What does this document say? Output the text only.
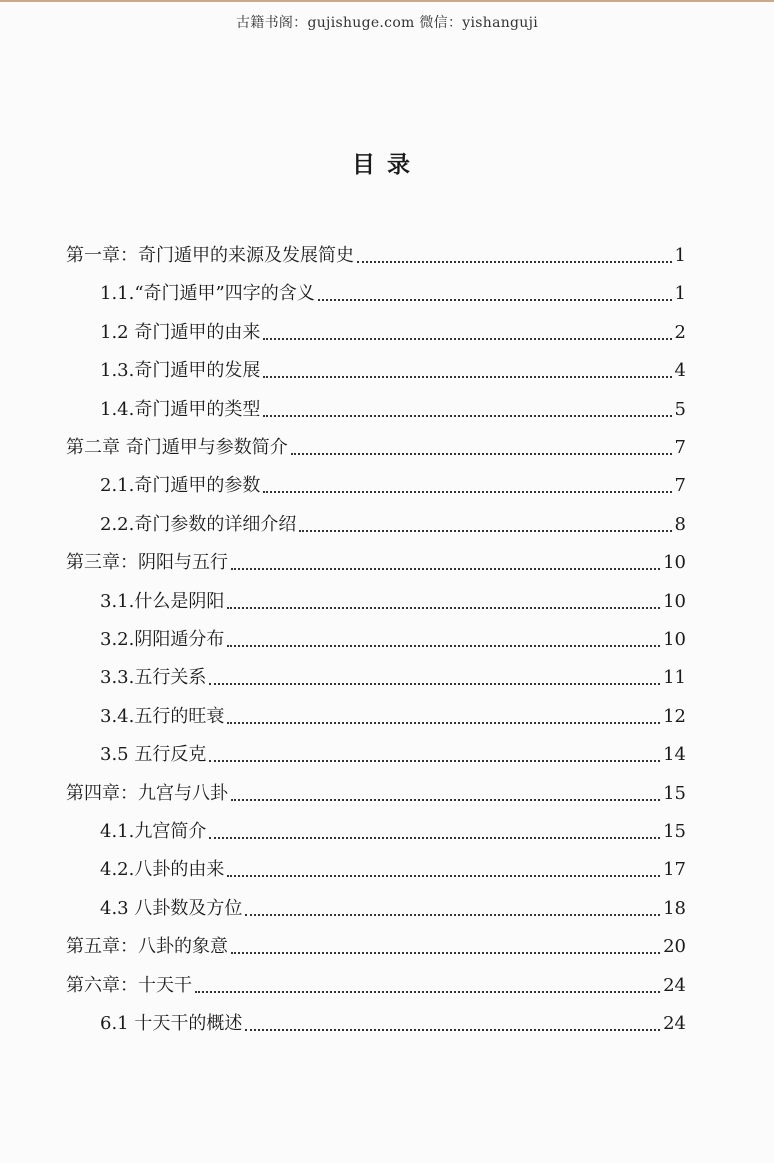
古籍书阁：gujishuge.com 微信：yishanguji
目录
第一章：奇门遁甲的来源及发展简史	1
1.1.“奇门遁甲”四字的含义	1
1.2 奇门遁甲的由来	2
1.3.奇门遁甲的发展	4
1.4.奇门遁甲的类型	5
第二章 奇门遁甲与参数简介	7
2.1.奇门遁甲的参数	7
2.2.奇门参数的详细介绍	8
第三章：阴阳与五行	10
3.1.什么是阴阳	10
3.2.阴阳遁分布	10
3.3.五行关系	11
3.4.五行的旺衰	12
3.5 五行反克	14
第四章：九宫与八卦	15
4.1.九宫简介	15
4.2.八卦的由来	17
4.3 八卦数及方位	18
第五章：八卦的象意	20
第六章：十天干	24
6.1 十天干的概述	24
